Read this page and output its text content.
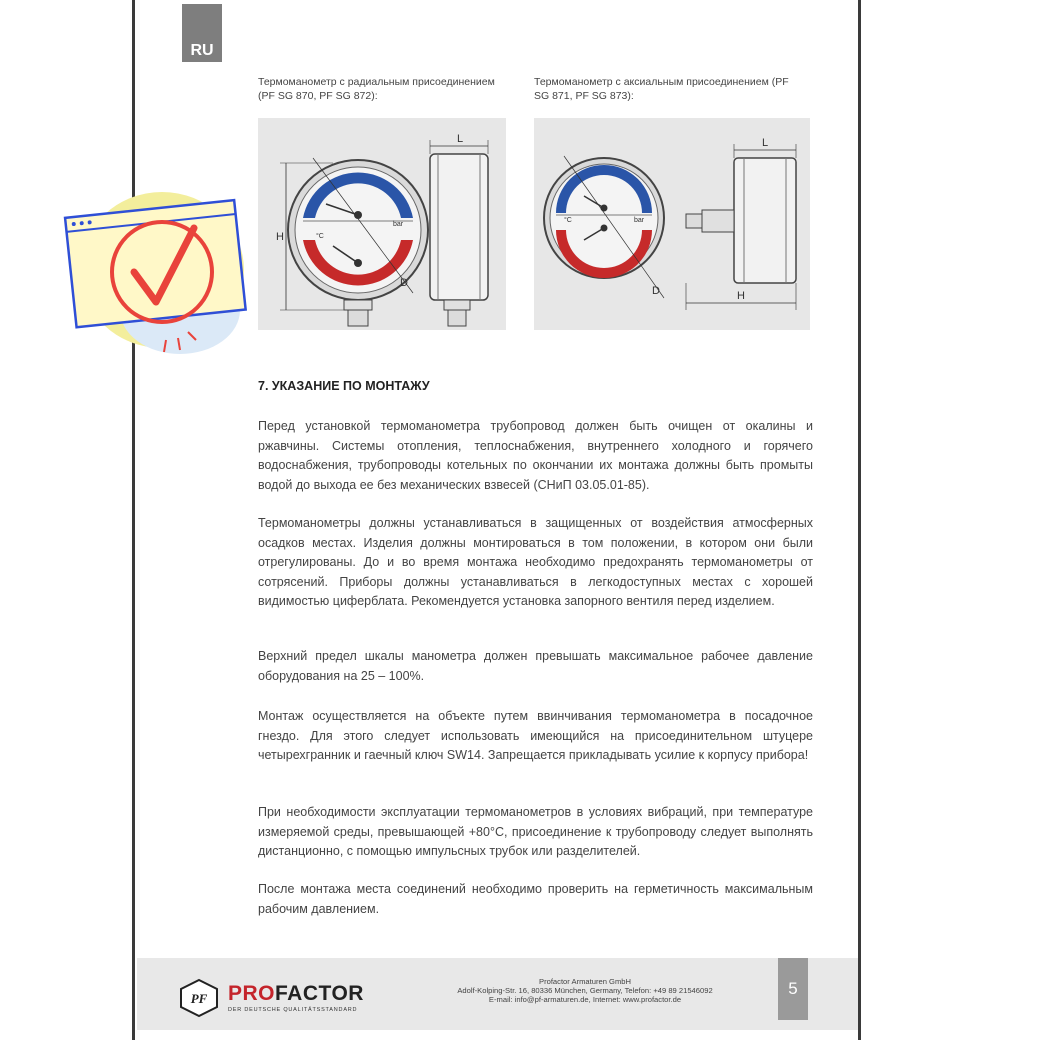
RU
Термоманометр с радиальным присоединением (PF SG 870, PF SG 872):
Термоманометр с аксиальным присоединением (PF SG 871, PF SG 873):
H	°C
bar
D
L
°C	bar
D
L
H
7. УКАЗАНИЕ ПО МОНТАЖУ

Перед установкой термоманометра трубопровод должен быть очищен от окалины и ржавчины. Системы отопления, теплоснабжения, внутреннего холодного и горячего водоснабжения, трубопроводы котельных по окончании их монтажа должны быть промыты водой до выхода ее без механических взвесей (СНиП 03.05.01-85).

Термоманометры должны устанавливаться в защищенных от воздействия атмосферных осадков местах. Изделия должны монтироваться в том положении, в котором они были отрегулированы. До и во время монтажа необходимо предохранять термоманометры от сотрясений. Приборы должны устанавливаться в легкодоступных местах с хорошей видимостью циферблата. Рекомендуется установка запорного вентиля перед изделием.

Верхний предел шкалы манометра должен превышать максимальное рабочее давление оборудования на 25 – 100%.

Монтаж осуществляется на объекте путем ввинчивания термоманометра в посадочное гнездо. Для этого следует использовать имеющийся на присоединительном штуцере четырехгранник и гаечный ключ SW14. Запрещается прикладывать усилие к корпусу прибора!

При необходимости эксплуатации термоманометров в условиях вибраций, при температуре измеряемой среды, превышающей +80°С, присоединение к трубопроводу следует выполнять дистанционно, с помощью импульсных трубок или разделителей.

После монтажа места соединений необходимо проверить на герметичность максимальным рабочим давлением.

PF PROFACTOR
DER DEUTSCHE QUALITÄTSSTANDARD
Profactor Armaturen GmbH
Adolf-Kolping-Str. 16, 80336 München, Germany, Telefon: +49 89 21546092
E-mail: info@pf-armaturen.de, Internet: www.profactor.de
5
